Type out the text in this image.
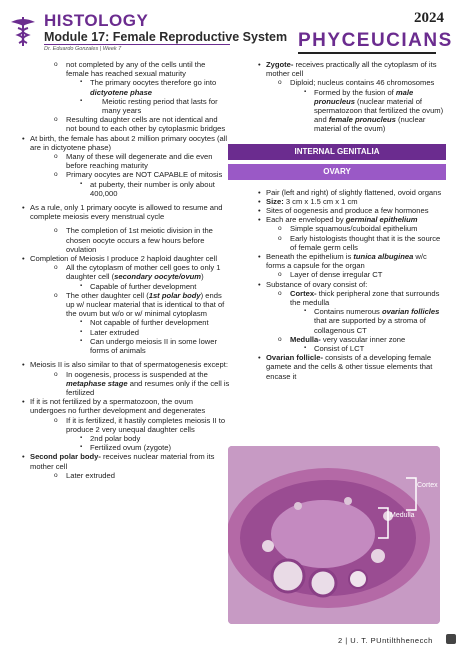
HISTOLOGY
Module 17: Female Reproductive System
Dr. Eduardo Gonzales | Week 7
2024
PHYCEUCIANS

o not completed by any of the cells until the female has reached sexual maturity

▪ The primary oocytes therefore go into dictyotene phase

▪ Meiotic resting period that lasts for many years

o Resulting daughter cells are not identical and not bound to each other by cytoplasmic bridges

• At birth, the female has about 2 million primary oocytes (all are in dictyotene phase)

o Many of these will degenerate and die even before reaching maturity

o Primary oocytes are NOT CAPABLE of mitosis

▪ at puberty, their number is only about 400,000

• As a rule, only 1 primary oocyte is allowed to resume and complete meiosis every menstrual cycle

o The completion of 1st meiotic division in the chosen oocyte occurs a few hours before ovulation

• Completion of Meiosis I produce 2 haploid daughter cell

o All the cytoplasm of mother cell goes to only 1 daughter cell (secondary oocyte/ovum)

▪ Capable of further development

o The other daughter cell (1st polar body) ends up w/ nuclear material that is identical to that of the ovum but w/o or w/ minimal cytoplasm

▪ Not capable of further development

▪ Later extruded

▪ Can undergo meiosis II in some lower forms of animals

• Meiosis II is also similar to that of spermatogenesis except:

o In oogenesis, process is suspended at the metaphase stage and resumes only if the cell is fertilized

• If it is not fertilized by a spermatozoon, the ovum undergoes no further development and degenerates

o If it is fertilized, it hastily completes meiosis II to produce 2 very unequal daughter cells

▪ 2nd polar body

▪ Fertilized ovum (zygote)

• Second polar body- receives nuclear material from its mother cell

o Later extruded

• Zygote- receives practically all the cytoplasm of its mother cell

o Diploid; nucleus contains 46 chromosomes

▪ Formed by the fusion of male pronucleus (nuclear material of spermatozoon that fertilized the ovum) and female pronucleus (nuclear material of the ovum)

INTERNAL GENITALIA
OVARY

• Pair (left and right) of slightly flattened, ovoid organs

• Size: 3 cm x 1.5 cm x 1 cm

• Sites of oogenesis and produce a few hormones

• Each are enveloped by germinal epithelium

o Simple squamous/cuboidal epithelium

o Early histologists thought that it is the source of female germ cells

• Beneath the epithelium is tunica albuginea w/c forms a capsule for the organ

o Layer of dense irregular CT

• Substance of ovary consist of:

o Cortex- thick peripheral zone that surrounds the medulla

▪ Contains numerous ovarian follicles that are supported by a stroma of collagenous CT

o Medulla- very vascular inner zone

▪ Consist of LCT

• Ovarian follicle- consists of a developing female gamete and the cells & other tissue elements that encase it

Cortex
Medulla
2 | U. T. PUntilthhenecch
